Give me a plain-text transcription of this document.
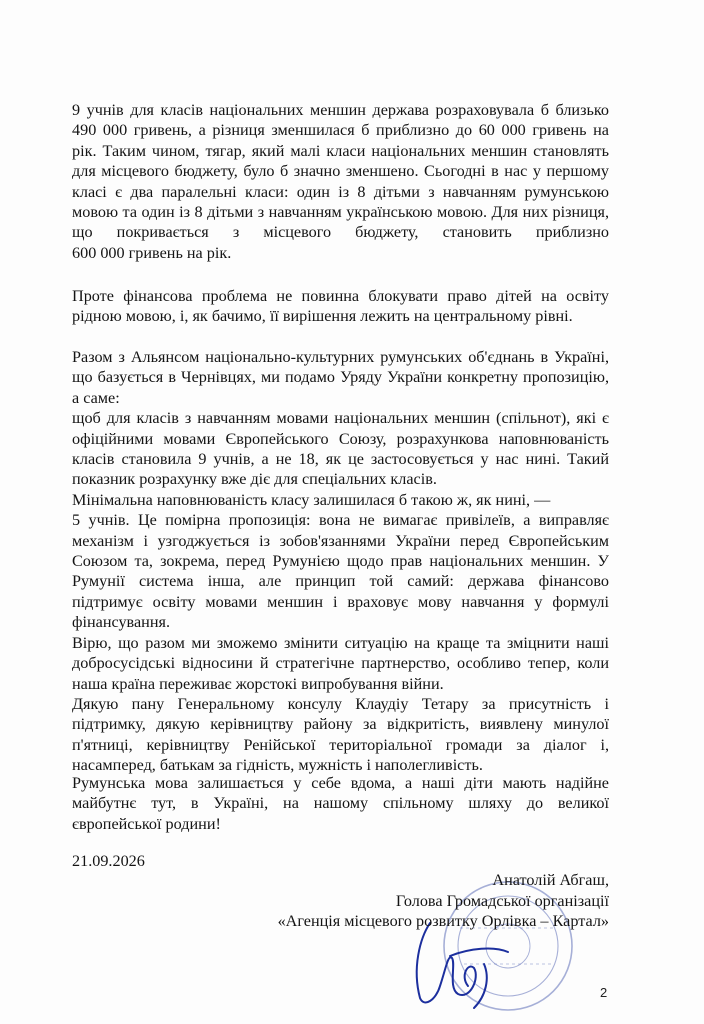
9 учнів для класів національних меншин держава розраховувала б близько
490 000 гривень, а різниця зменшилася б приблизно до 60 000 гривень на
рік. Таким чином, тягар, який малі класи національних меншин становлять
для місцевого бюджету, було б значно зменшено. Сьогодні в нас у першому
класі є два паралельні класи: один із 8 дітьми з навчанням румунською
мовою та один із 8 дітьми з навчанням українською мовою. Для них різниця,
що покривається з місцевого бюджету, становить приблизно
600 000 гривень на рік.
Проте фінансова проблема не повинна блокувати право дітей на освіту
рідною мовою, і, як бачимо, її вирішення лежить на центральному рівні.
Разом з Альянсом національно-культурних румунських об'єднань в Україні,
що базується в Чернівцях, ми подамо Уряду України конкретну пропозицію,
а саме:
щоб для класів з навчанням мовами національних меншин (спільнот), які є
офіційними мовами Європейського Союзу, розрахункова наповнюваність
класів становила 9 учнів, а не 18, як це застосовується у нас нині. Такий
показник розрахунку вже діє для спеціальних класів.
Мінімальна наповнюваність класу залишилася б такою ж, як нині, —
5 учнів. Це помірна пропозиція: вона не вимагає привілеїв, а виправляє
механізм і узгоджується із зобов'язаннями України перед Європейським
Союзом та, зокрема, перед Румунією щодо прав національних меншин. У
Румунії система інша, але принцип той самий: держава фінансово
підтримує освіту мовами меншин і враховує мову навчання у формулі
фінансування.
Вірю, що разом ми зможемо змінити ситуацію на краще та зміцнити наші
добросусідські відносини й стратегічне партнерство, особливо тепер, коли
наша країна переживає жорстокі випробування війни.
Дякую пану Генеральному консулу Клаудіу Тетару за присутність і
підтримку, дякую керівництву району за відкритість, виявлену минулої
п'ятниці, керівництву Ренійської територіальної громади за діалог і,
насамперед, батькам за гідність, мужність і наполегливість.
Румунська мова залишається у себе вдома, а наші діти мають надійне
майбутнє тут, в Україні, на нашому спільному шляху до великої
європейської родини!
21.09.2026
Анатолій Абгаш,
Голова Громадської організації
«Агенція місцевого розвитку Орлівка – Картал»
2
